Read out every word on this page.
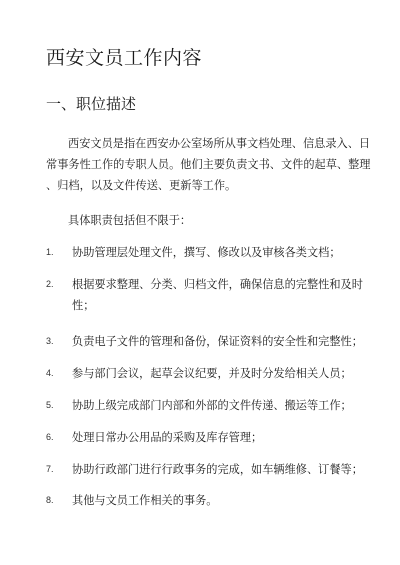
西安文员工作内容
一、职位描述
西安文员是指在西安办公室场所从事文档处理、信息录入、日
常事务性工作的专职人员。他们主要负责文书、文件的起草、整理
、归档，以及文件传送、更新等工作。
具体职责包括但不限于：
1. 协助管理层处理文件，撰写、修改以及审核各类文档；
2. 根据要求整理、分类、归档文件，确保信息的完整性和及时
性；
3. 负责电子文件的管理和备份，保证资料的安全性和完整性；
4. 参与部门会议，起草会议纪要，并及时分发给相关人员；
5. 协助上级完成部门内部和外部的文件传递、搬运等工作；
6. 处理日常办公用品的采购及库存管理；
7. 协助行政部门进行行政事务的完成，如车辆维修、订餐等；
8. 其他与文员工作相关的事务。
